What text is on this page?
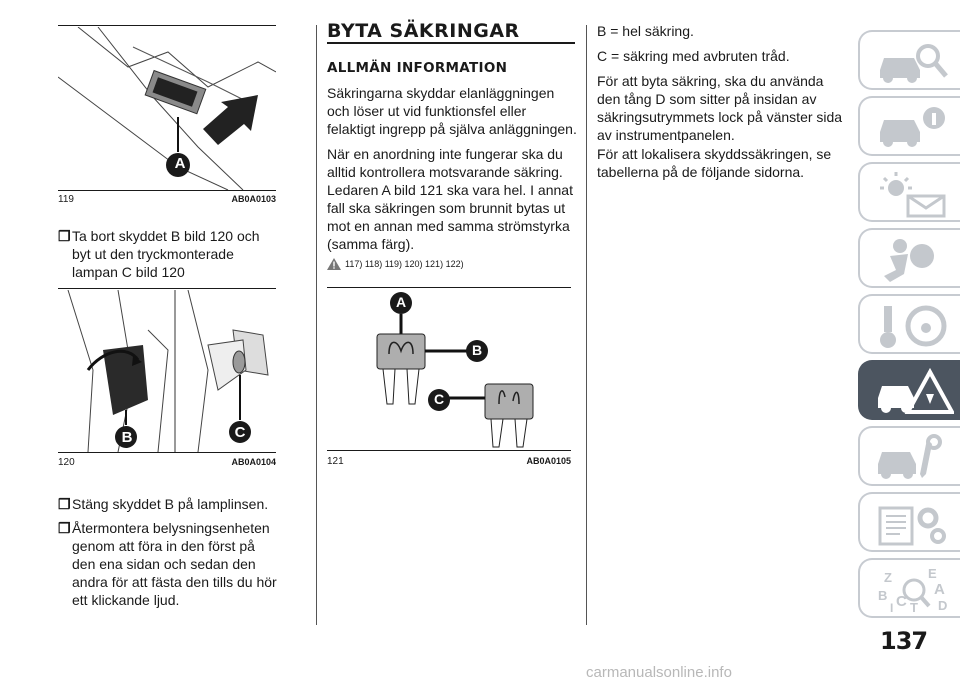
A
119	AB0A0103
❒ Ta bort skyddet B bild 120 och byt ut den tryckmonterade lampan C bild 120
B	C
120	AB0A0104
❒ Stäng skyddet B på lamplinsen.
❒ Återmontera belysningsenheten genom att föra in den först på den ena sidan och sedan den andra för att fästa den tills du hör ett klickande ljud.
BYTA SÄKRINGAR
ALLMÄN INFORMATION

Säkringarna skyddar elanläggningen och löser ut vid funktionsfel eller felaktigt ingrepp på själva anläggningen.

När en anordning inte fungerar ska du alltid kontrollera motsvarande säkring. Ledaren A bild 121 ska vara hel. I annat fall ska säkringen som brunnit bytas ut mot en annan med samma strömstyrka (samma färg).

117) 118) 119) 120) 121) 122)
A
B
C
121	AB0A0105

B = hel säkring.

C = säkring med avbruten tråd.

För att byta säkring, ska du använda den tång D som sitter på insidan av säkringsutrymmets lock på vänster sida av instrumentpanelen.

För att lokalisera skyddssäkringen, se tabellerna på de följande sidorna.

Z	E
B	A
C T D
I
137
carmanualsonline.info
